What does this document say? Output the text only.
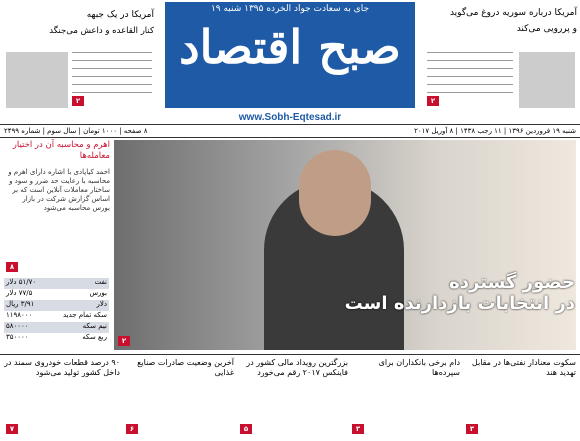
آمریکا در یک جبهه
کنار القاعده و داعش می‌جنگد
۲
جای به سعادت جواد الخرده ۱۳۹۵ شنبه ۱۹
صبح اقتصاد
www.Sobh-Eqtesad.ir
آمریکا درباره سوریه دروغ می‌گوید
و پررویی می‌کند
۲
شنبه ۱۹ فروردین ۱۳۹۶ | ۱۱ رجب ۱۴۳۸ | ۸ آوریل ۲۰۱۷
۸ صفحه | ۱۰۰۰ تومان | سال سوم | شماره ۲۴۹۹
حضور گسترده
در انتخابات بازدارنده است
۲
اهرم و محاسبه آن در اختیار معامله‌ها
احمد کیاپادی با اشاره دارای اهرم و محاسبه با رعایت حد ضرر و سود و ساختار معاملات آنلاین است که بر اساس گزارش شرکت در بازار بورس محاسبه می‌شود
۸
نفت
۵۱/۷۰ دلار
بورس
۷۷/۵ دلار
دلار
۳/۹۱ ریال
سکه تمام جدید
۱۱۹۸۰۰۰
نیم سکه
۵۸۰۰۰۰
ربع سکه
۳۵۰۰۰۰
سکوت معنادار نفتی‌ها در مقابل تهدید هند
۳
دام برخی بانکداران برای سپرده‌ها
۳
بزرگترین رویداد مالی کشور در فاینکس ۲۰۱۷ رقم می‌خورد
۵
آخرین وضعیت صادرات صنایع غذایی
۶
۹۰ درصد قطعات خودروی سمند در داخل کشور تولید می‌شود
۷
